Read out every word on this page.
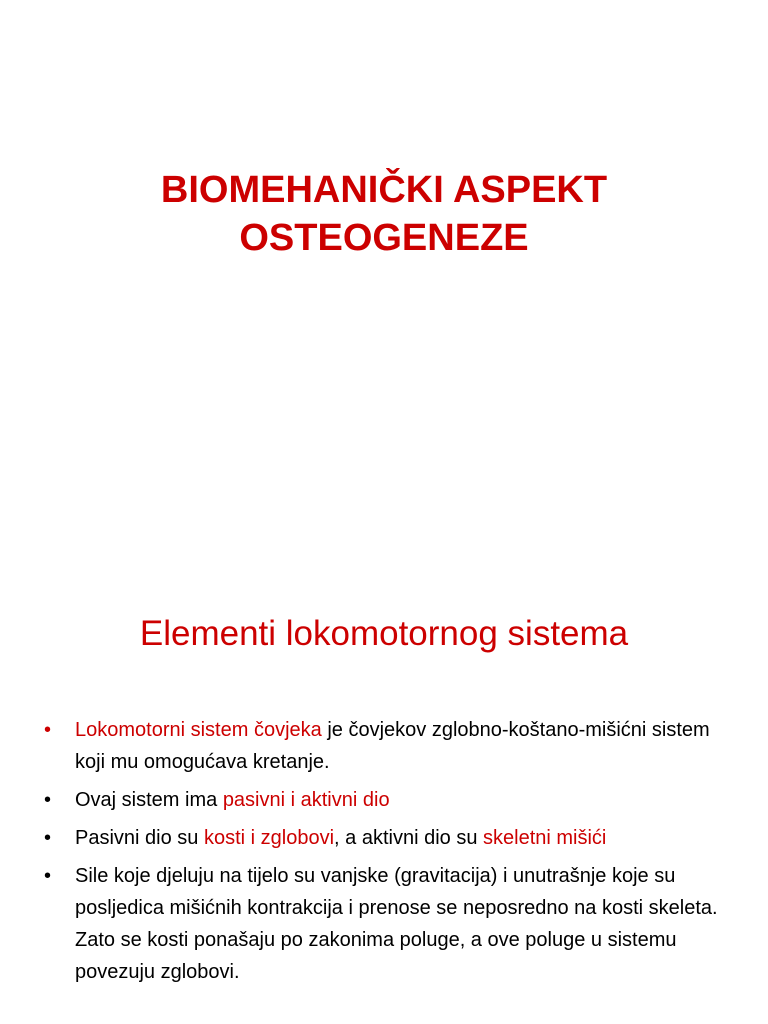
BIOMEHANIČKI ASPEKT
OSTEOGENEZE
Elementi lokomotornog sistema
• Lokomotorni sistem čovjeka je čovjekov zglobno-koštano-mišićni sistem koji mu omogućava kretanje.
• Ovaj sistem ima pasivni i aktivni dio
• Pasivni dio su kosti i zglobovi, a aktivni dio su skeletni mišići
• Sile koje djeluju na tijelo su vanjske (gravitacija) i unutrašnje koje su posljedica mišićnih kontrakcija i prenose se neposredno na kosti skeleta. Zato se kosti ponašaju po zakonima poluge, a ove poluge u sistemu povezuju zglobovi.
